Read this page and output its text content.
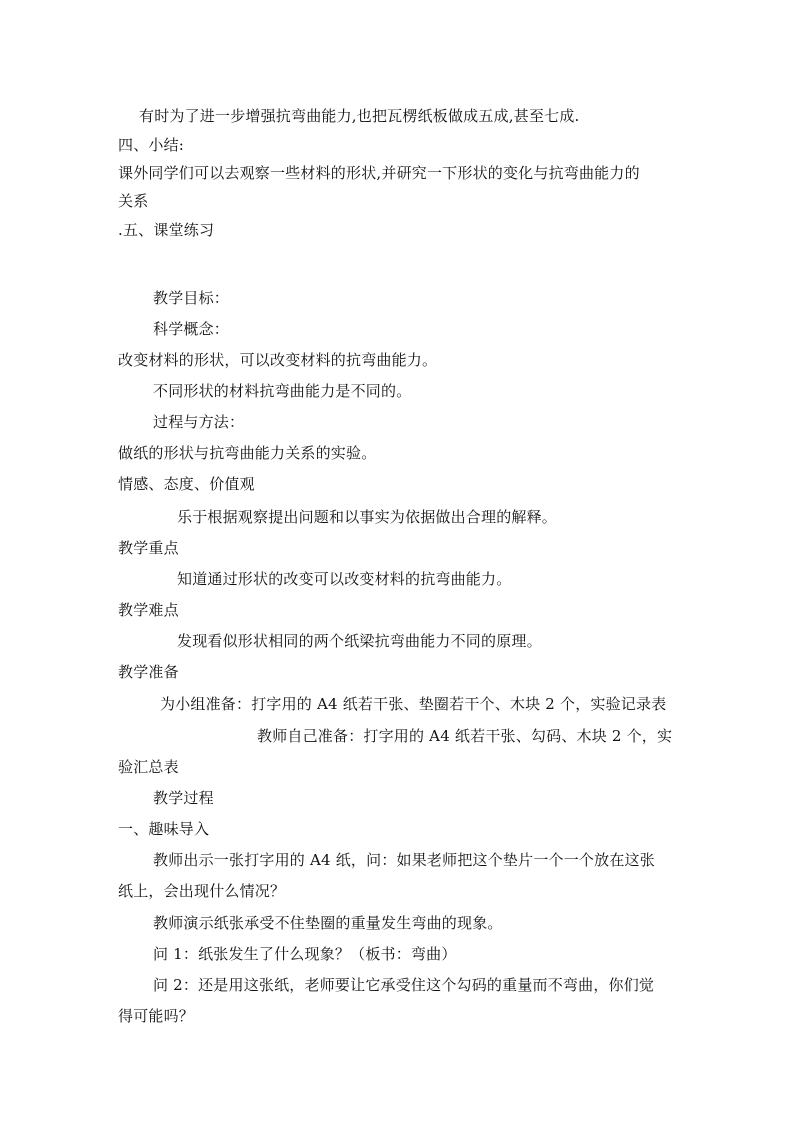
有时为了进一步增强抗弯曲能力,也把瓦楞纸板做成五成,甚至七成.
四、小结:
课外同学们可以去观察一些材料的形状,并研究一下形状的变化与抗弯曲能力的
关系
.五、课堂练习
教学目标：
科学概念：
改变材料的形状，可以改变材料的抗弯曲能力。
不同形状的材料抗弯曲能力是不同的。
过程与方法：
做纸的形状与抗弯曲能力关系的实验。
情感、态度、价值观
乐于根据观察提出问题和以事实为依据做出合理的解释。
教学重点
知道通过形状的改变可以改变材料的抗弯曲能力。
教学难点
发现看似形状相同的两个纸梁抗弯曲能力不同的原理。
教学准备
为小组准备：打字用的 A4 纸若干张、垫圈若干个、木块 2 个，实验记录表
教师自己准备：打字用的 A4 纸若干张、勾码、木块 2 个，实
验汇总表
教学过程
一、趣味导入
教师出示一张打字用的 A4 纸，问：如果老师把这个垫片一个一个放在这张
纸上，会出现什么情况？
教师演示纸张承受不住垫圈的重量发生弯曲的现象。
问 1：纸张发生了什么现象？（板书：弯曲）
问 2：还是用这张纸，老师要让它承受住这个勾码的重量而不弯曲，你们觉
得可能吗？
